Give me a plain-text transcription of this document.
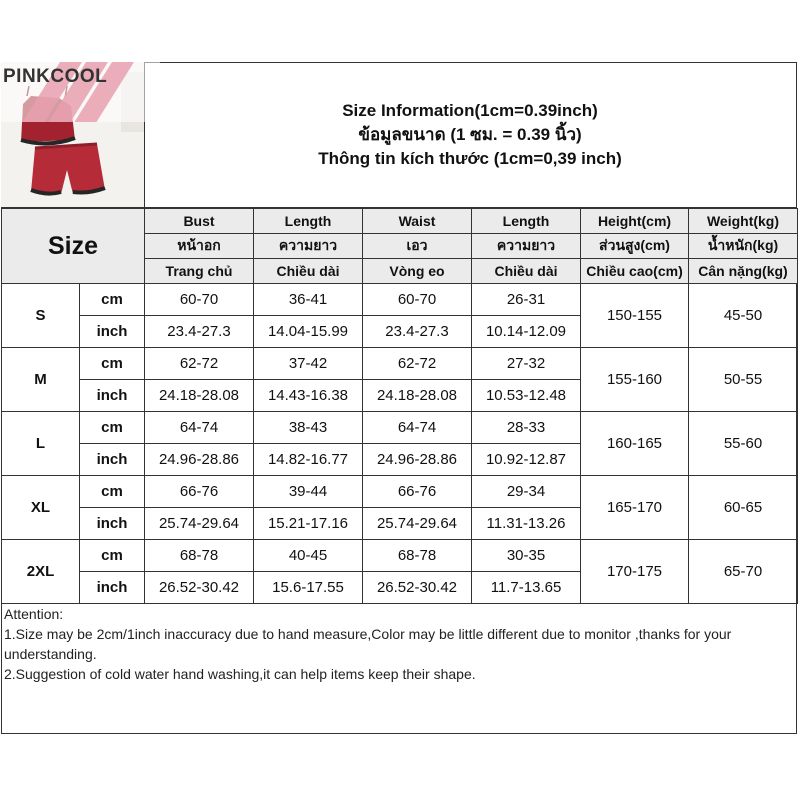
Size Information(1cm=0.39inch)
ข้อมูลขนาด (1 ซม. = 0.39 นิ้ว)
Thông tin kích thước (1cm=0,39 inch)
PINKCOOL
Size		Bust	Length	Waist	Length	Height(cm)	Weight(kg)
		หน้าอก	ความยาว	เอว	ความยาว	ส่วนสูง(cm)	น้ำหนัก(kg)
		Trang chủ	Chiều dài	Vòng eo	Chiều dài	Chiều cao(cm)	Cân nặng(kg)
S	cm	60-70	36-41	60-70	26-31	150-155	45-50
	inch	23.4-27.3	14.04-15.99	23.4-27.3	10.14-12.09		
M	cm	62-72	37-42	62-72	27-32	155-160	50-55
	inch	24.18-28.08	14.43-16.38	24.18-28.08	10.53-12.48		
L	cm	64-74	38-43	64-74	28-33	160-165	55-60
	inch	24.96-28.86	14.82-16.77	24.96-28.86	10.92-12.87		
XL	cm	66-76	39-44	66-76	29-34	165-170	60-65
	inch	25.74-29.64	15.21-17.16	25.74-29.64	11.31-13.26		
2XL	cm	68-78	40-45	68-78	30-35	170-175	65-70
	inch	26.52-30.42	15.6-17.55	26.52-30.42	11.7-13.65		
Attention:
1.Size may be 2cm/1inch inaccuracy due to hand measure,Color may be little different due to monitor ,thanks for your understanding.
2.Suggestion of cold water hand washing,it can help items keep their shape.
